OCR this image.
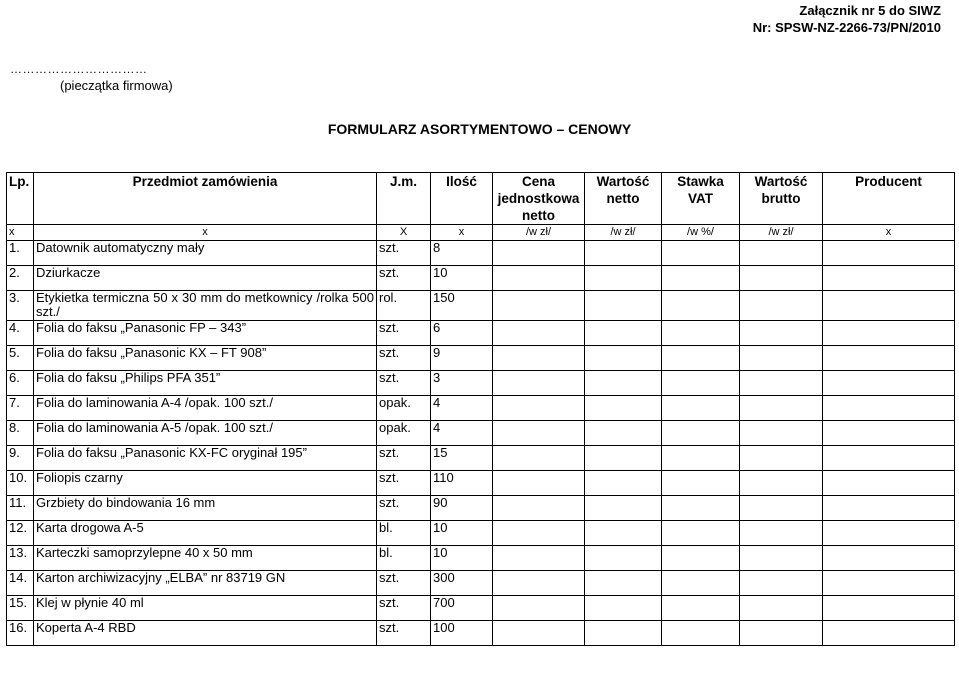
Załącznik nr 5 do SIWZ
Nr: SPSW-NZ-2266-73/PN/2010
……………………………
(pieczątka firmowa)
FORMULARZ ASORTYMENTOWO – CENOWY
Lp.	Przedmiot zamówienia	J.m.	Ilość	Cena jednostkowa netto	Wartość netto	Stawka VAT	Wartość brutto	Producent
x	x	X	x	/w zł/	/w zł/	/w %/	/w zł/	x
1.	Datownik automatyczny mały	szt.	8					
2.	Dziurkacze	szt.	10					
3.	Etykietka termiczna 50 x 30 mm do metkownicy /rolka 500 szt./	rol.	150					
4.	Folia do faksu „Panasonic FP – 343”	szt.	6					
5.	Folia do faksu „Panasonic KX – FT 908”	szt.	9					
6.	Folia do faksu „Philips PFA 351”	szt.	3					
7.	Folia do laminowania A-4 /opak. 100 szt./	opak.	4					
8.	Folia do laminowania A-5 /opak. 100 szt./	opak.	4					
9.	Folia do faksu „Panasonic KX-FC oryginał 195”	szt.	15					
10.	Foliopis czarny	szt.	110					
11.	Grzbiety do bindowania 16 mm	szt.	90					
12.	Karta drogowa A-5	bl.	10					
13.	Karteczki samoprzylepne 40 x 50 mm	bl.	10					
14.	Karton archiwizacyjny „ELBA” nr 83719 GN	szt.	300					
15.	Klej w płynie 40 ml	szt.	700					
16.	Koperta A-4 RBD	szt.	100					
